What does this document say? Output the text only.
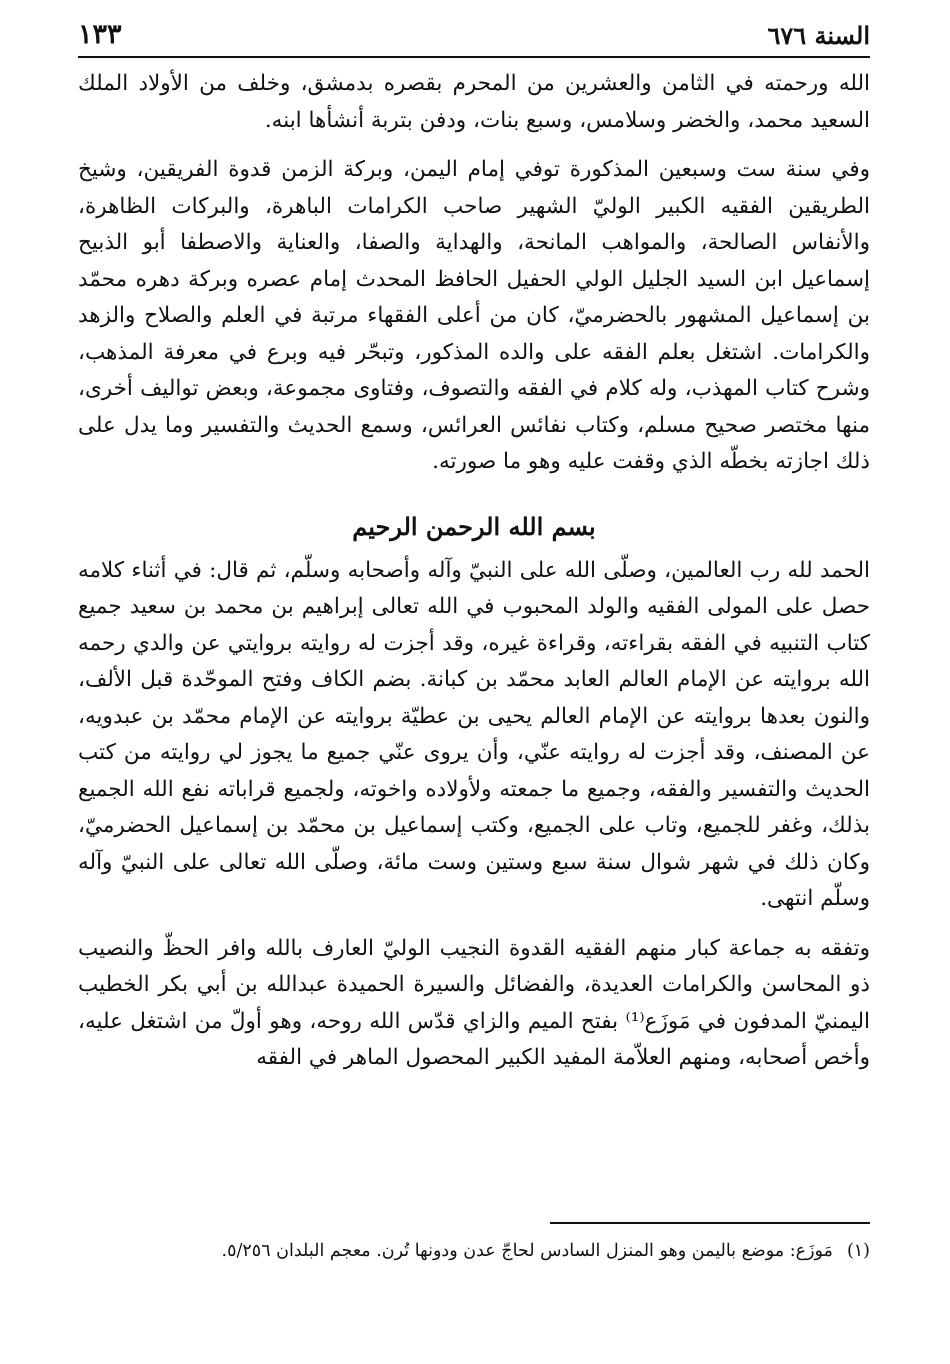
السنة ٦٧٦
١٣٣

الله ورحمته في الثامن والعشرين من المحرم بقصره بدمشق، وخلف من الأولاد الملك السعيد محمد، والخضر وسلامس، وسبع بنات، ودفن بتربة أنشأها ابنه.

وفي سنة ست وسبعين المذكورة توفي إمام اليمن، وبركة الزمن قدوة الفريقين، وشيخ الطريقين الفقيه الكبير الوليّ الشهير صاحب الكرامات الباهرة، والبركات الظاهرة، والأنفاس الصالحة، والمواهب المانحة، والهداية والصفا، والعناية والاصطفا أبو الذبيح إسماعيل ابن السيد الجليل الولي الحفيل الحافظ المحدث إمام عصره وبركة دهره محمّد بن إسماعيل المشهور بالحضرميّ، كان من أعلى الفقهاء مرتبة في العلم والصلاح والزهد والكرامات. اشتغل بعلم الفقه على والده المذكور، وتبحّر فيه وبرع في معرفة المذهب، وشرح كتاب المهذب، وله كلام في الفقه والتصوف، وفتاوى مجموعة، وبعض تواليف أخرى، منها مختصر صحيح مسلم، وكتاب نفائس العرائس، وسمع الحديث والتفسير وما يدل على ذلك اجازته بخطّه الذي وقفت عليه وهو ما صورته.

بسم الله الرحمن الرحيم

الحمد لله رب العالمين، وصلّى الله على النبيّ وآله وأصحابه وسلّم، ثم قال: في أثناء كلامه حصل على المولى الفقيه والولد المحبوب في الله تعالى إبراهيم بن محمد بن سعيد جميع كتاب التنبيه في الفقه بقراءته، وقراءة غيره، وقد أجزت له روايته بروايتي عن والدي رحمه الله بروايته عن الإمام العالم العابد محمّد بن كبانة. بضم الكاف وفتح الموحّدة قبل الألف، والنون بعدها بروايته عن الإمام العالم يحيى بن عطيّة بروايته عن الإمام محمّد بن عبدويه، عن المصنف، وقد أجزت له روايته عنّي، وأن يروى عنّي جميع ما يجوز لي روايته من كتب الحديث والتفسير والفقه، وجميع ما جمعته ولأولاده واخوته، ولجميع قراباته نفع الله الجميع بذلك، وغفر للجميع، وتاب على الجميع، وكتب إسماعيل بن محمّد بن إسماعيل الحضرميّ، وكان ذلك في شهر شوال سنة سبع وستين وست مائة، وصلّى الله تعالى على النبيّ وآله وسلّم انتهى.

وتفقه به جماعة كبار منهم الفقيه القدوة النجيب الوليّ العارف بالله وافر الحظّ والنصيب ذو المحاسن والكرامات العديدة، والفضائل والسيرة الحميدة عبدالله بن أبي بكر الخطيب اليمنيّ المدفون في مَوزَع⁽¹⁾ بفتح الميم والزاي قدّس الله روحه، وهو أولّ من اشتغل عليه، وأخص أصحابه، ومنهم العلاّمة المفيد الكبير المحصول الماهر في الفقه

(١)
مَوزَع: موضع باليمن وهو المنزل السادس لحاجّ عدن ودونها تُرن. معجم البلدان ٥/٢٥٦.
